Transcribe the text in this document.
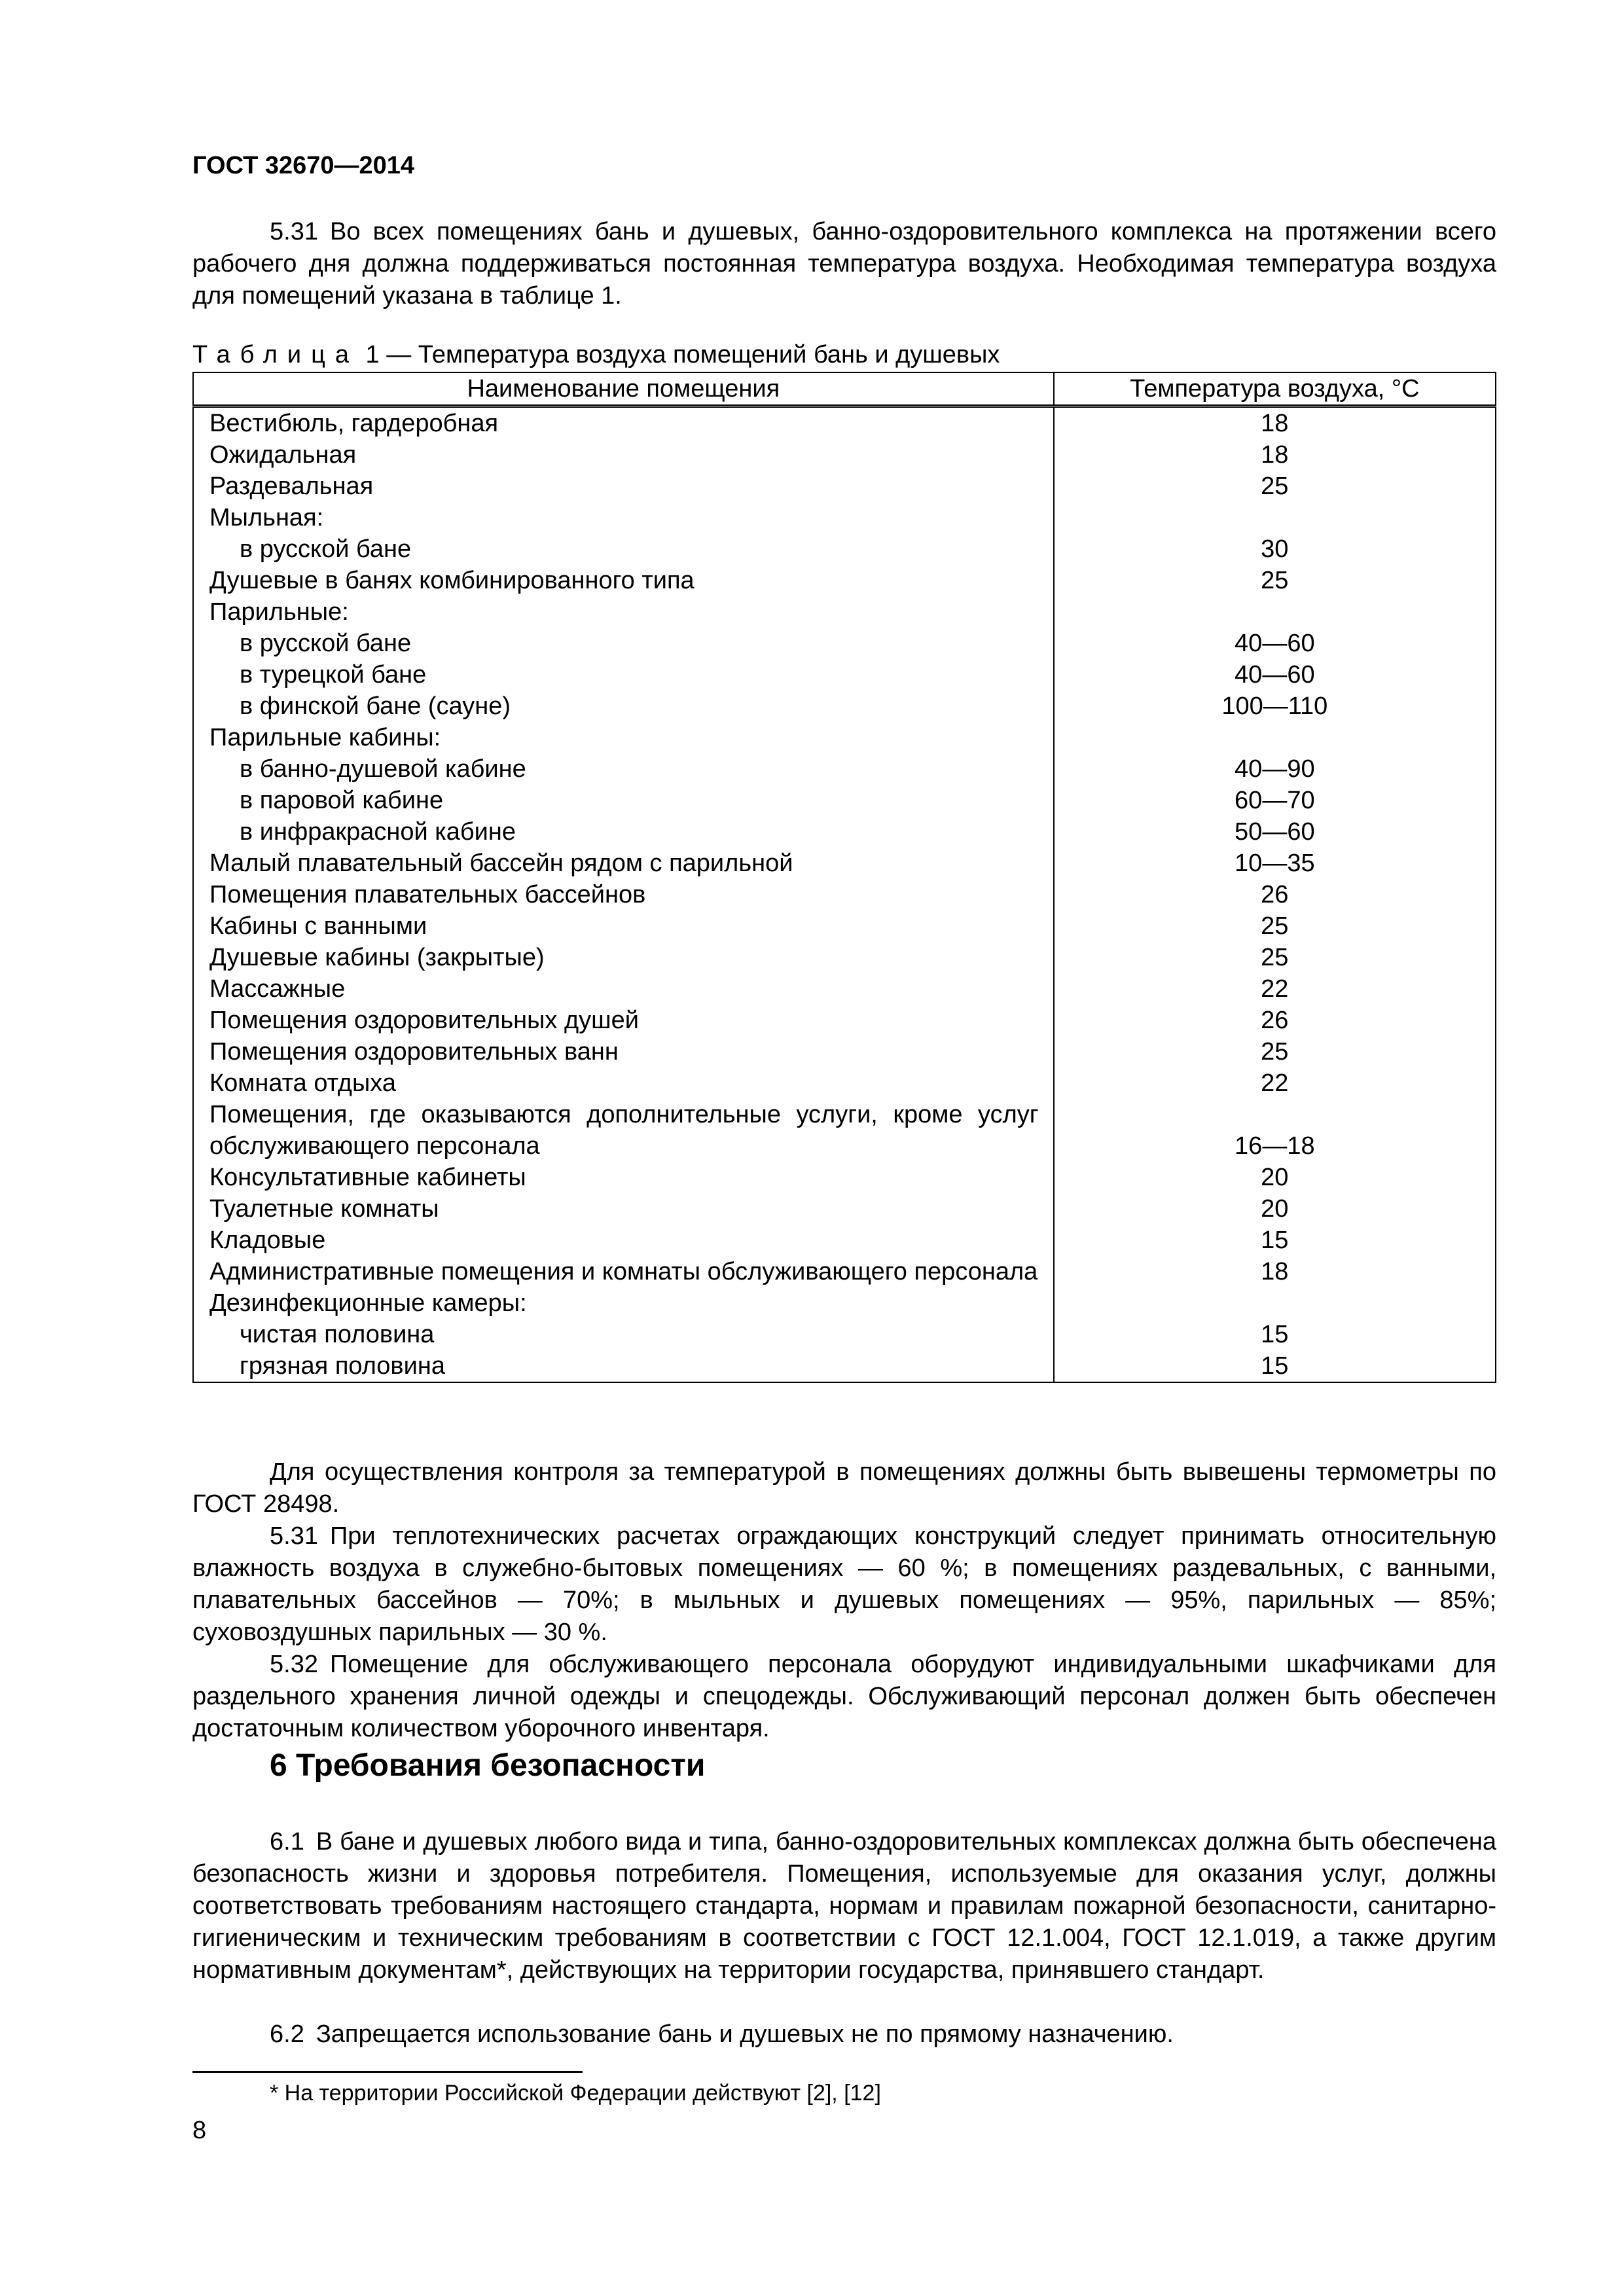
ГОСТ 32670—2014

5.31 Во всех помещениях бань и душевых, банно-оздоровительного комплекса на протяжении всего рабочего дня должна поддерживаться постоянная температура воздуха. Необходимая температура воздуха для помещений указана в таблице 1.

Таблица 1 — Температура воздуха помещений бань и душевых
Наименование помещения	Температура воздуха, °С
Вестибюль, гардеробная	18
Ожидальная	18
Раздевальная	25
Мыльная:	
в русской бане	30
Душевые в банях комбинированного типа	25
Парильные:	
в русской бане	40—60
в турецкой бане	40—60
в финской бане (сауне)	100—110
Парильные кабины:	
в банно-душевой кабине	40—90
в паровой кабине	60—70
в инфракрасной кабине	50—60
Малый плавательный бассейн рядом с парильной	10—35
Помещения плавательных бассейнов	26
Кабины с ванными	25
Душевые кабины (закрытые)	25
Массажные	22
Помещения оздоровительных душей	26
Помещения оздоровительных ванн	25
Комната отдыха	22
Помещения, где оказываются дополнительные услуги, кроме услуг обслуживающего персонала	16—18
Консультативные кабинеты	20
Туалетные комнаты	20
Кладовые	15
Административные помещения и комнаты обслуживающего персонала	18
Дезинфекционные камеры:	
чистая половина	15
грязная половина	15

Для осуществления контроля за температурой в помещениях должны быть вывешены термометры по ГОСТ 28498.

5.31 При теплотехнических расчетах ограждающих конструкций следует принимать относительную влажность воздуха в служебно-бытовых помещениях — 60 %; в помещениях раздевальных, с ванными, плавательных бассейнов — 70%; в мыльных и душевых помещениях — 95%, парильных — 85%; суховоздушных парильных — 30 %.

5.32 Помещение для обслуживающего персонала оборудуют индивидуальными шкафчиками для раздельного хранения личной одежды и спецодежды. Обслуживающий персонал должен быть обеспечен достаточным количеством уборочного инвентаря.

6 Требования безопасности

6.1 В бане и душевых любого вида и типа, банно-оздоровительных комплексах должна быть обеспечена безопасность жизни и здоровья потребителя. Помещения, используемые для оказания услуг, должны соответствовать требованиям настоящего стандарта, нормам и правилам пожарной безопасности, санитарно-гигиеническим и техническим требованиям в соответствии с ГОСТ 12.1.004, ГОСТ 12.1.019, а также другим нормативным документам*, действующих на территории государства, принявшего стандарт.

6.2 Запрещается использование бань и душевых не по прямому назначению.

* На территории Российской Федерации действуют [2], [12]
8
